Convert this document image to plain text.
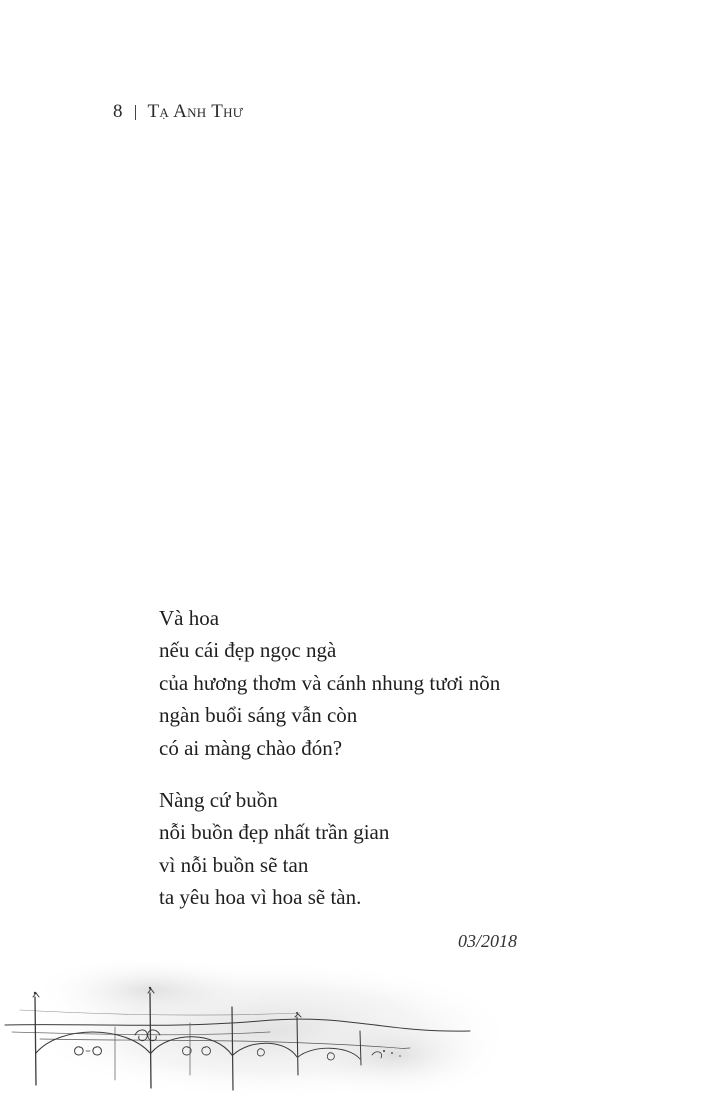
8 Tạ Anh Thư
Và hoa
nếu cái đẹp ngọc ngà
của hương thơm và cánh nhung tươi nõn
ngàn buổi sáng vẫn còn
có ai màng chào đón?
Nàng cứ buồn
nỗi buồn đẹp nhất trần gian
vì nỗi buồn sẽ tan
ta yêu hoa vì hoa sẽ tàn.
03/2018
